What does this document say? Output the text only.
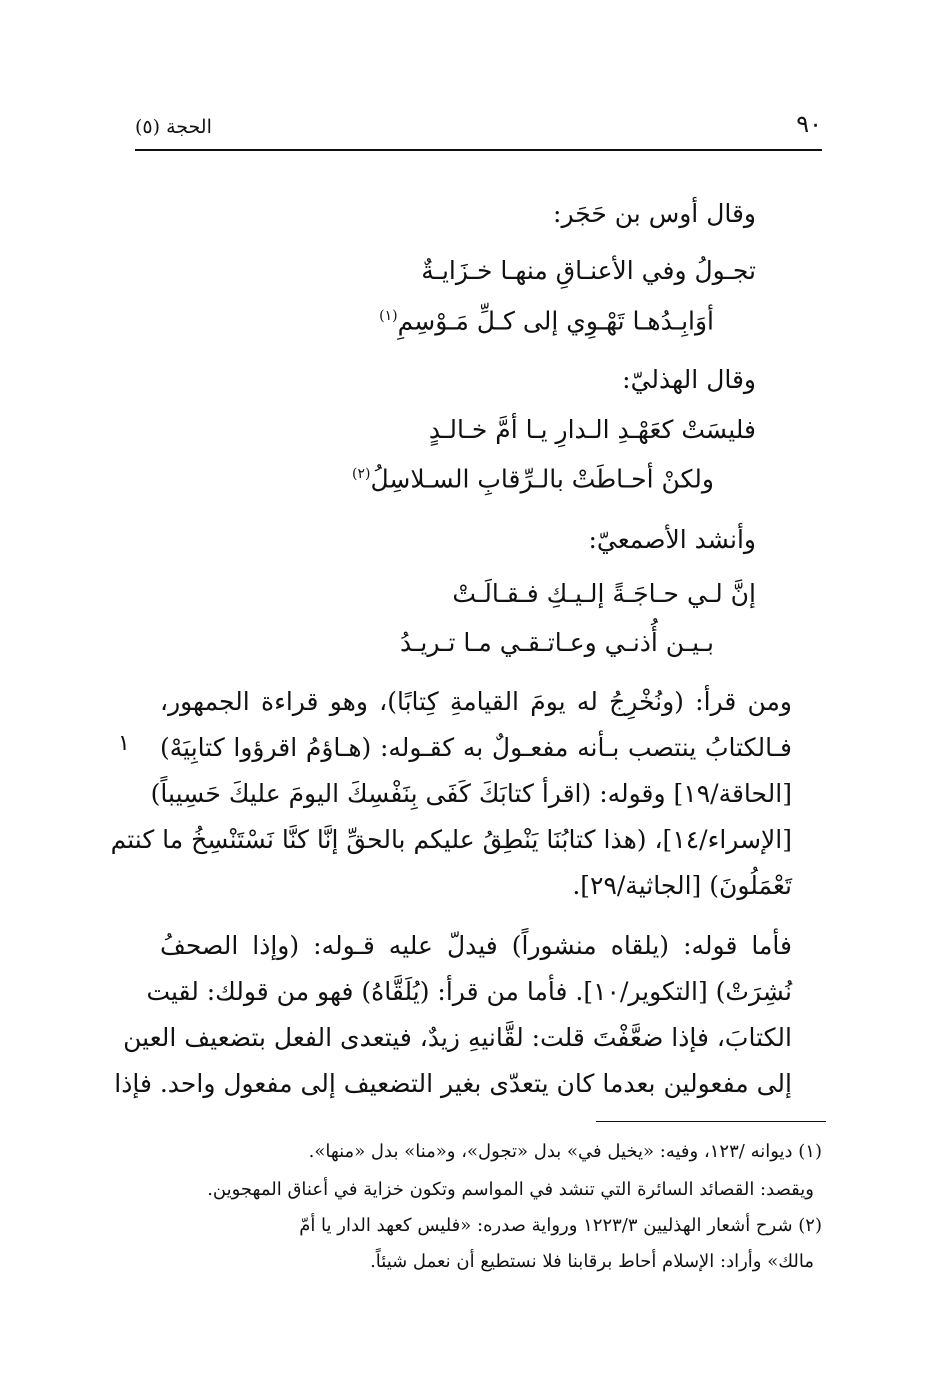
٩٠
الحجة (٥)
وقال أوس بن حَجَر:
تجـولُ وفي الأعنـاقِ منهـا خـزَايـةٌ
أوَابِـدُهـا تَهْـوِي إلى كـلِّ مَـوْسِمِ$^{(١)}$
وقال الهذليّ:
فليسَتْ كعَهْـدِ الـدارِ يـا أمَّ خـالـدٍ
ولكنْ أحـاطَتْ بالـرِّقابِ السـلاسِلُ$^{(٢)}$
وأنشد الأصمعيّ:
إنَّ لـي حـاجَـةً إلـيـكِ فـقـالَـتْ
بـيـن أُذنـي وعـاتـقـي مـا تـريـدُ
ومن قرأ: (ونُخْرِجُ له يومَ القيامةِ كِتابًا)، وهو قراءة الجمهور،
فـالكتابُ ينتصب بـأنه مفعـولٌ به كقـوله: (هـاؤمُ اقرؤوا كتابِيَهْ)
[الحاقة/١٩] وقوله: (اقرأ كتابَكَ كَفَى بِنَفْسِكَ اليومَ عليكَ حَسِيباً)
[الإسراء/١٤]، (هذا كتابُنَا يَنْطِقُ عليكم بالحقِّ إنَّا كنَّا نَسْتَنْسِخُ ما كنتم
تَعْمَلُونَ) [الجاثية/٢٩].
فأما قوله: (يلقاه منشوراً) فيدلّ عليه قـوله: (وإذا الصحفُ
نُشِرَتْ) [التكوير/١٠]. فأما من قرأ: (يُلَقَّاهُ) فهو من قولك: لقيت
الكتابَ، فإذا ضعَّفْتَ قلت: لقَّانيهِ زيدٌ، فيتعدى الفعل بتضعيف العين
إلى مفعولين بعدما كان يتعدّى بغير التضعيف إلى مفعول واحد. فإذا
١
(١) ديوانه /١٢٣، وفيه: «يخيل في» بدل «تجول»، و«منا» بدل «منها».
ويقصد: القصائد السائرة التي تنشد في المواسم وتكون خزاية في أعناق المهجوين.
(٢) شرح أشعار الهذليين ١٢٢٣/٣ ورواية صدره: «فليس كعهد الدار يا أمّ
مالك» وأراد: الإسلام أحاط برقابنا فلا نستطيع أن نعمل شيئاً.
